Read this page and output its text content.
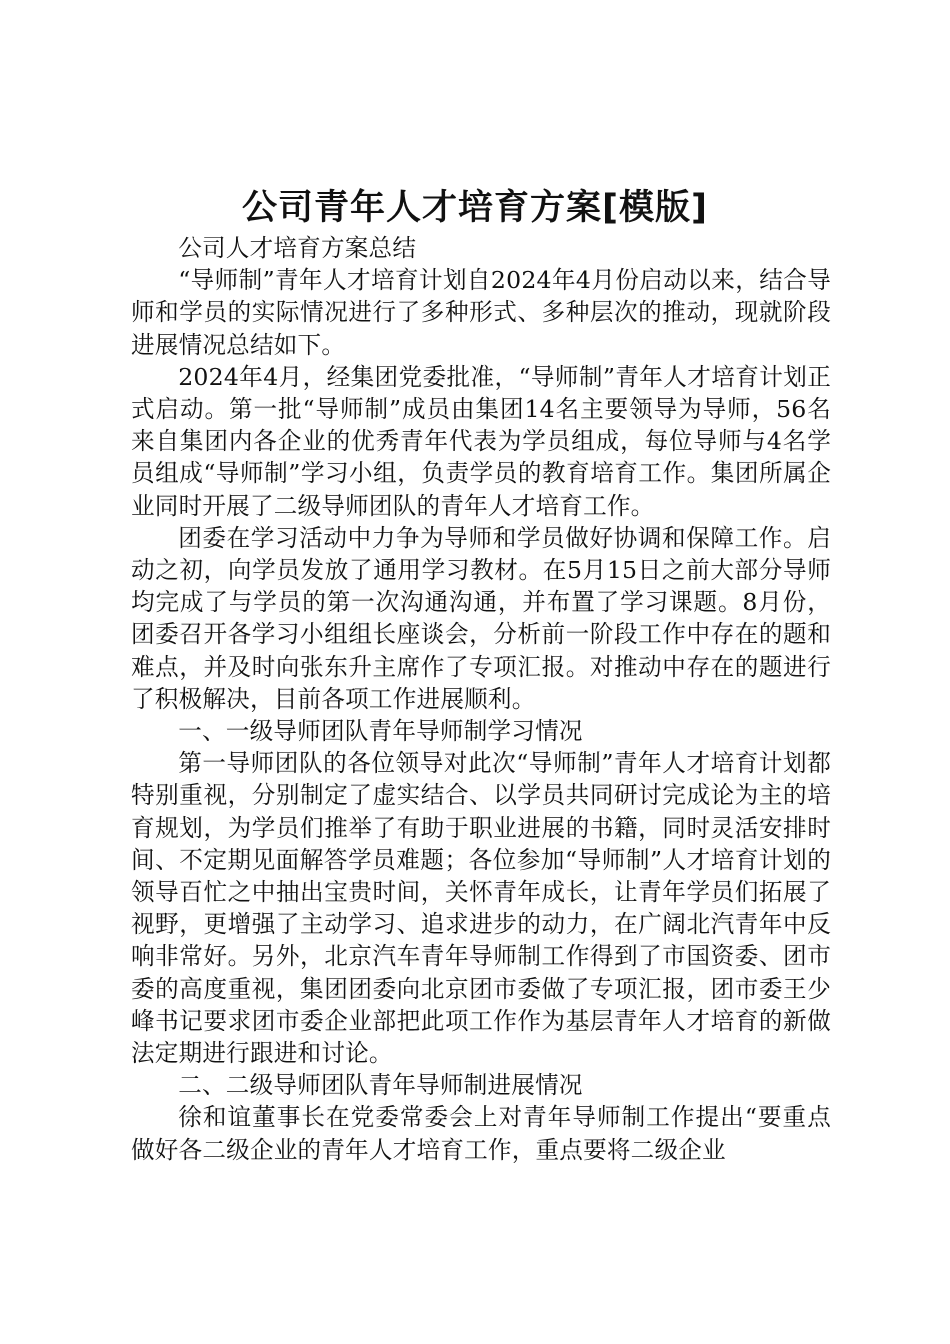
公司青年人才培育方案[模版]

公司人才培育方案总结

“导师制”青年人才培育计划自2024年4月份启动以来，结合导师和学员的实际情况进行了多种形式、多种层次的推动，现就阶段进展情况总结如下。

2024年4月，经集团党委批准，“导师制”青年人才培育计划正式启动。第一批“导师制”成员由集团14名主要领导为导师，56名来自集团内各企业的优秀青年代表为学员组成，每位导师与4名学员组成“导师制”学习小组，负责学员的教育培育工作。集团所属企业同时开展了二级导师团队的青年人才培育工作。

团委在学习活动中力争为导师和学员做好协调和保障工作。启动之初，向学员发放了通用学习教材。在5月15日之前大部分导师均完成了与学员的第一次沟通沟通，并布置了学习课题。8月份，团委召开各学习小组组长座谈会，分析前一阶段工作中存在的题和难点，并及时向张东升主席作了专项汇报。对推动中存在的题进行了积极解决，目前各项工作进展顺利。

一、一级导师团队青年导师制学习情况

第一导师团队的各位领导对此次“导师制”青年人才培育计划都特别重视，分别制定了虚实结合、以学员共同研讨完成论为主的培育规划，为学员们推举了有助于职业进展的书籍，同时灵活安排时间、不定期见面解答学员难题；各位参加“导师制”人才培育计划的领导百忙之中抽出宝贵时间，关怀青年成长，让青年学员们拓展了视野，更增强了主动学习、追求进步的动力，在广阔北汽青年中反响非常好。另外，北京汽车青年导师制工作得到了市国资委、团市委的高度重视，集团团委向北京团市委做了专项汇报，团市委王少峰书记要求团市委企业部把此项工作作为基层青年人才培育的新做法定期进行跟进和讨论。

二、二级导师团队青年导师制进展情况

徐和谊董事长在党委常委会上对青年导师制工作提出“要重点做好各二级企业的青年人才培育工作，重点要将二级企业
